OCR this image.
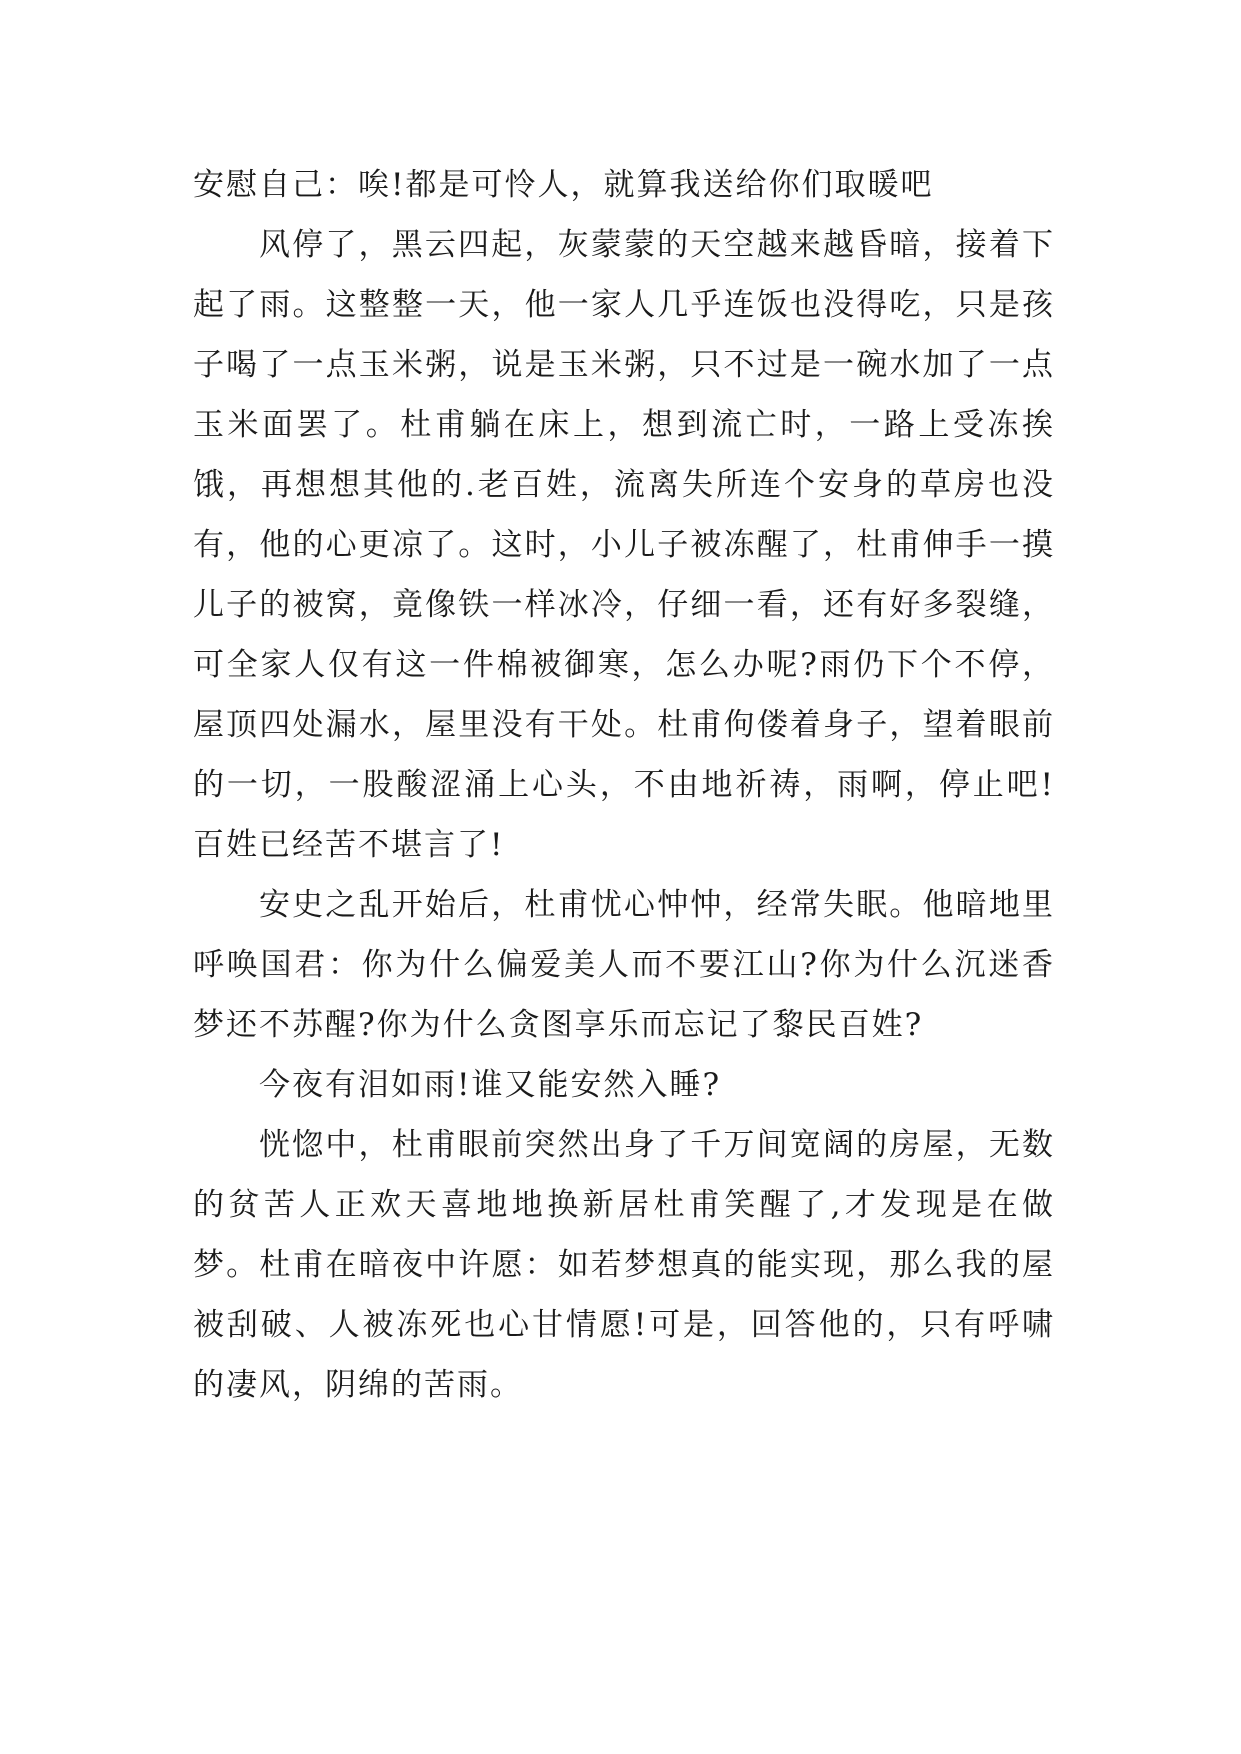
安慰自己：唉!都是可怜人，就算我送给你们取暖吧

风停了，黑云四起，灰蒙蒙的天空越来越昏暗，接着下起了雨。这整整一天，他一家人几乎连饭也没得吃，只是孩子喝了一点玉米粥，说是玉米粥，只不过是一碗水加了一点玉米面罢了。杜甫躺在床上，想到流亡时，一路上受冻挨饿，再想想其他的.老百姓，流离失所连个安身的草房也没有，他的心更凉了。这时，小儿子被冻醒了，杜甫伸手一摸儿子的被窝，竟像铁一样冰冷，仔细一看，还有好多裂缝，可全家人仅有这一件棉被御寒，怎么办呢?雨仍下个不停，屋顶四处漏水，屋里没有干处。杜甫佝偻着身子，望着眼前的一切，一股酸涩涌上心头，不由地祈祷，雨啊，停止吧!百姓已经苦不堪言了!

安史之乱开始后，杜甫忧心忡忡，经常失眠。他暗地里呼唤国君：你为什么偏爱美人而不要江山?你为什么沉迷香梦还不苏醒?你为什么贪图享乐而忘记了黎民百姓?

今夜有泪如雨!谁又能安然入睡?

恍惚中，杜甫眼前突然出身了千万间宽阔的房屋，无数的贫苦人正欢天喜地地换新居杜甫笑醒了,才发现是在做梦。杜甫在暗夜中许愿：如若梦想真的能实现，那么我的屋被刮破、人被冻死也心甘情愿!可是，回答他的，只有呼啸的凄风，阴绵的苦雨。
